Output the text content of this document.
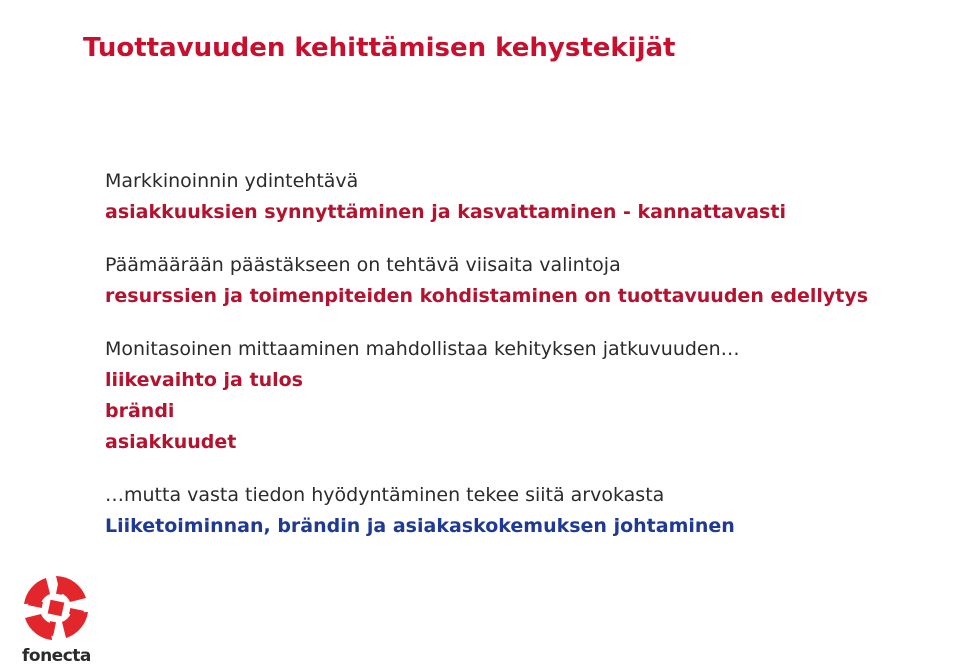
Tuottavuuden kehittämisen kehystekijät
Markkinoinnin ydintehtävä
asiakkuuksien synnyttäminen ja kasvattaminen - kannattavasti
Päämäärään päästäkseen on tehtävä viisaita valintoja
resurssien ja toimenpiteiden kohdistaminen on tuottavuuden edellytys
Monitasoinen mittaaminen mahdollistaa kehityksen jatkuvuuden…
liikevaihto ja tulos
brändi
asiakkuudet
…mutta vasta tiedon hyödyntäminen tekee siitä arvokasta
Liiketoiminnan, brändin ja asiakaskokemuksen johtaminen
fonecta
